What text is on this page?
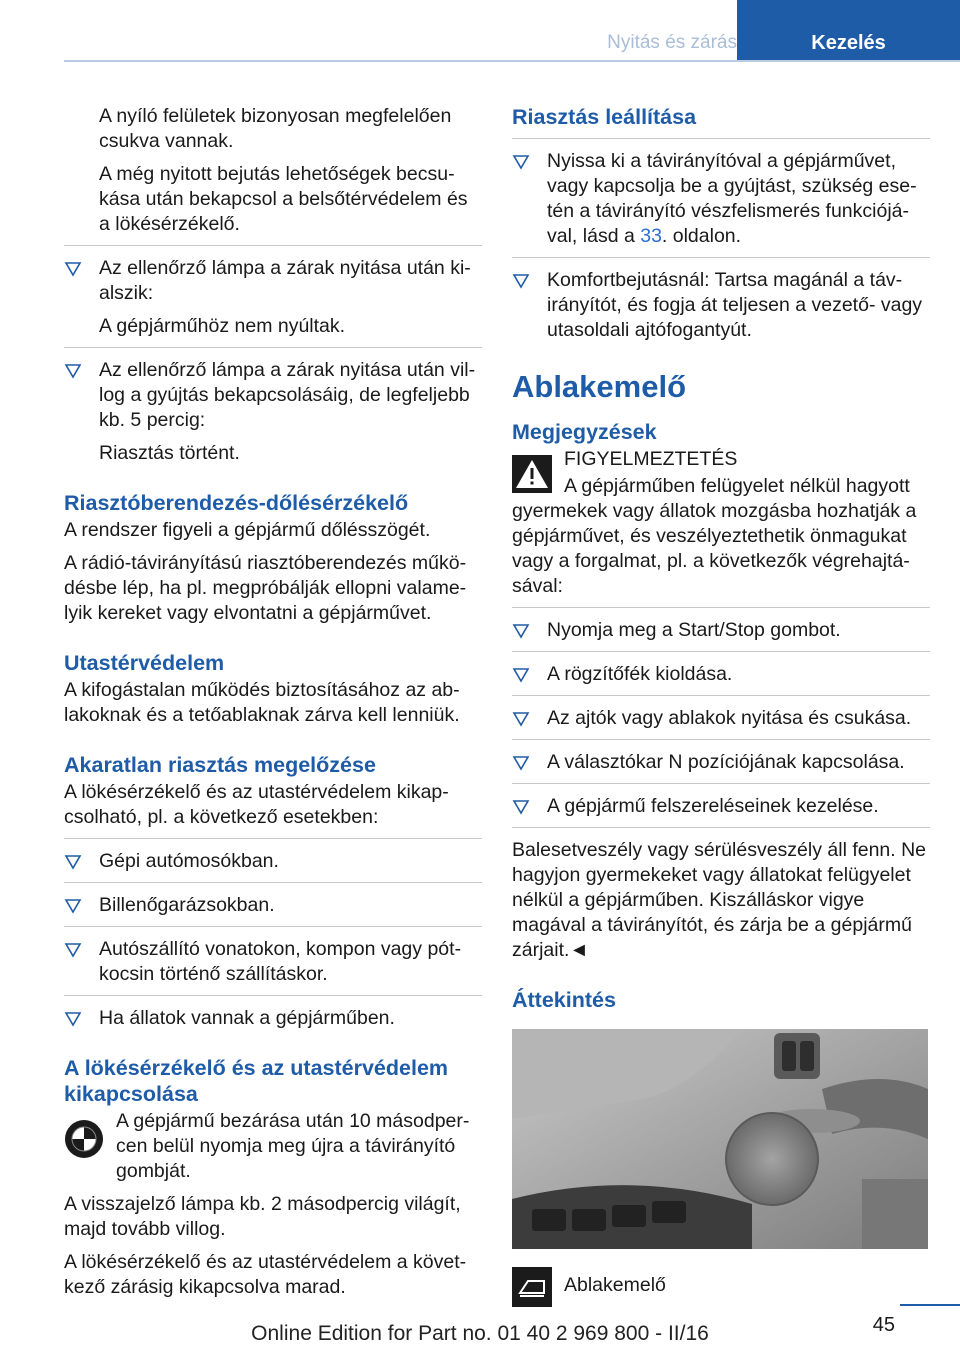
Nyitás és zárás	Kezelés

A nyíló felületek bizonyosan megfelelően csukva vannak.

A még nyitott bejutás lehetőségek becsukása után bekapcsol a belsőtérvédelem és a lökésérzékelő.

Az ellenőrző lámpa a zárak nyitása után kialszik:

A gépjárműhöz nem nyúltak.

Az ellenőrző lámpa a zárak nyitása után villog a gyújtás bekapcsolásáig, de legfeljebb kb. 5 percig:

Riasztás történt.

Riasztóberendezés-dőlésérzékelő

A rendszer figyeli a gépjármű dőlésszögét.

A rádió-távirányítású riasztóberendezés működésbe lép, ha pl. megpróbálják ellopni valamelyik kereket vagy elvontatni a gépjárművet.

Utastérvédelem

A kifogástalan működés biztosításához az ablakoknak és a tetőablaknak zárva kell lenniük.

Akaratlan riasztás megelőzése

A lökésérzékelő és az utastérvédelem kikapcsolható, pl. a következő esetekben:

Gépi autómosókban.

Billenőgarázsokban.

Autószállító vonatokon, kompon vagy pótkocsin történő szállításkor.

Ha állatok vannak a gépjárműben.

A lökésérzékelő és az utastérvédelem kikapcsolása

A gépjármű bezárása után 10 másodpercen belül nyomja meg újra a távirányító gombját.

A visszajelző lámpa kb. 2 másodpercig világít, majd tovább villog.

A lökésérzékelő és az utastérvédelem a következő zárásig kikapcsolva marad.

Riasztás leállítása

Nyissa ki a távirányítóval a gépjárművet, vagy kapcsolja be a gyújtást, szükség esetén a távirányító vészfelismerés funkciójával, lásd a 33. oldalon.

Komfortbejutásnál: Tartsa magánál a távirányítót, és fogja át teljesen a vezető- vagy utasoldali ajtófogantyút.

Ablakemelő
Megjegyzések

FIGYELMEZTETÉS

A gépjárműben felügyelet nélkül hagyott gyermekek vagy állatok mozgásba hozhatják a gépjárművet, és veszélyeztethetik önmagukat vagy a forgalmat, pl. a következők végrehajtásával:

Nyomja meg a Start/Stop gombot.

A rögzítőfék kioldása.

Az ajtók vagy ablakok nyitása és csukása.

A választókar N pozíciójának kapcsolása.

A gépjármű felszereléseinek kezelése.

Balesetveszély vagy sérülésveszély áll fenn. Ne hagyjon gyermekeket vagy állatokat felügyelet nélkül a gépjárműben. Kiszálláskor vigye magával a távirányítót, és zárja be a gépjármű zárjait.◄

Áttekintés
Ablakemelő
45
Online Edition for Part no. 01 40 2 969 800 - II/16
